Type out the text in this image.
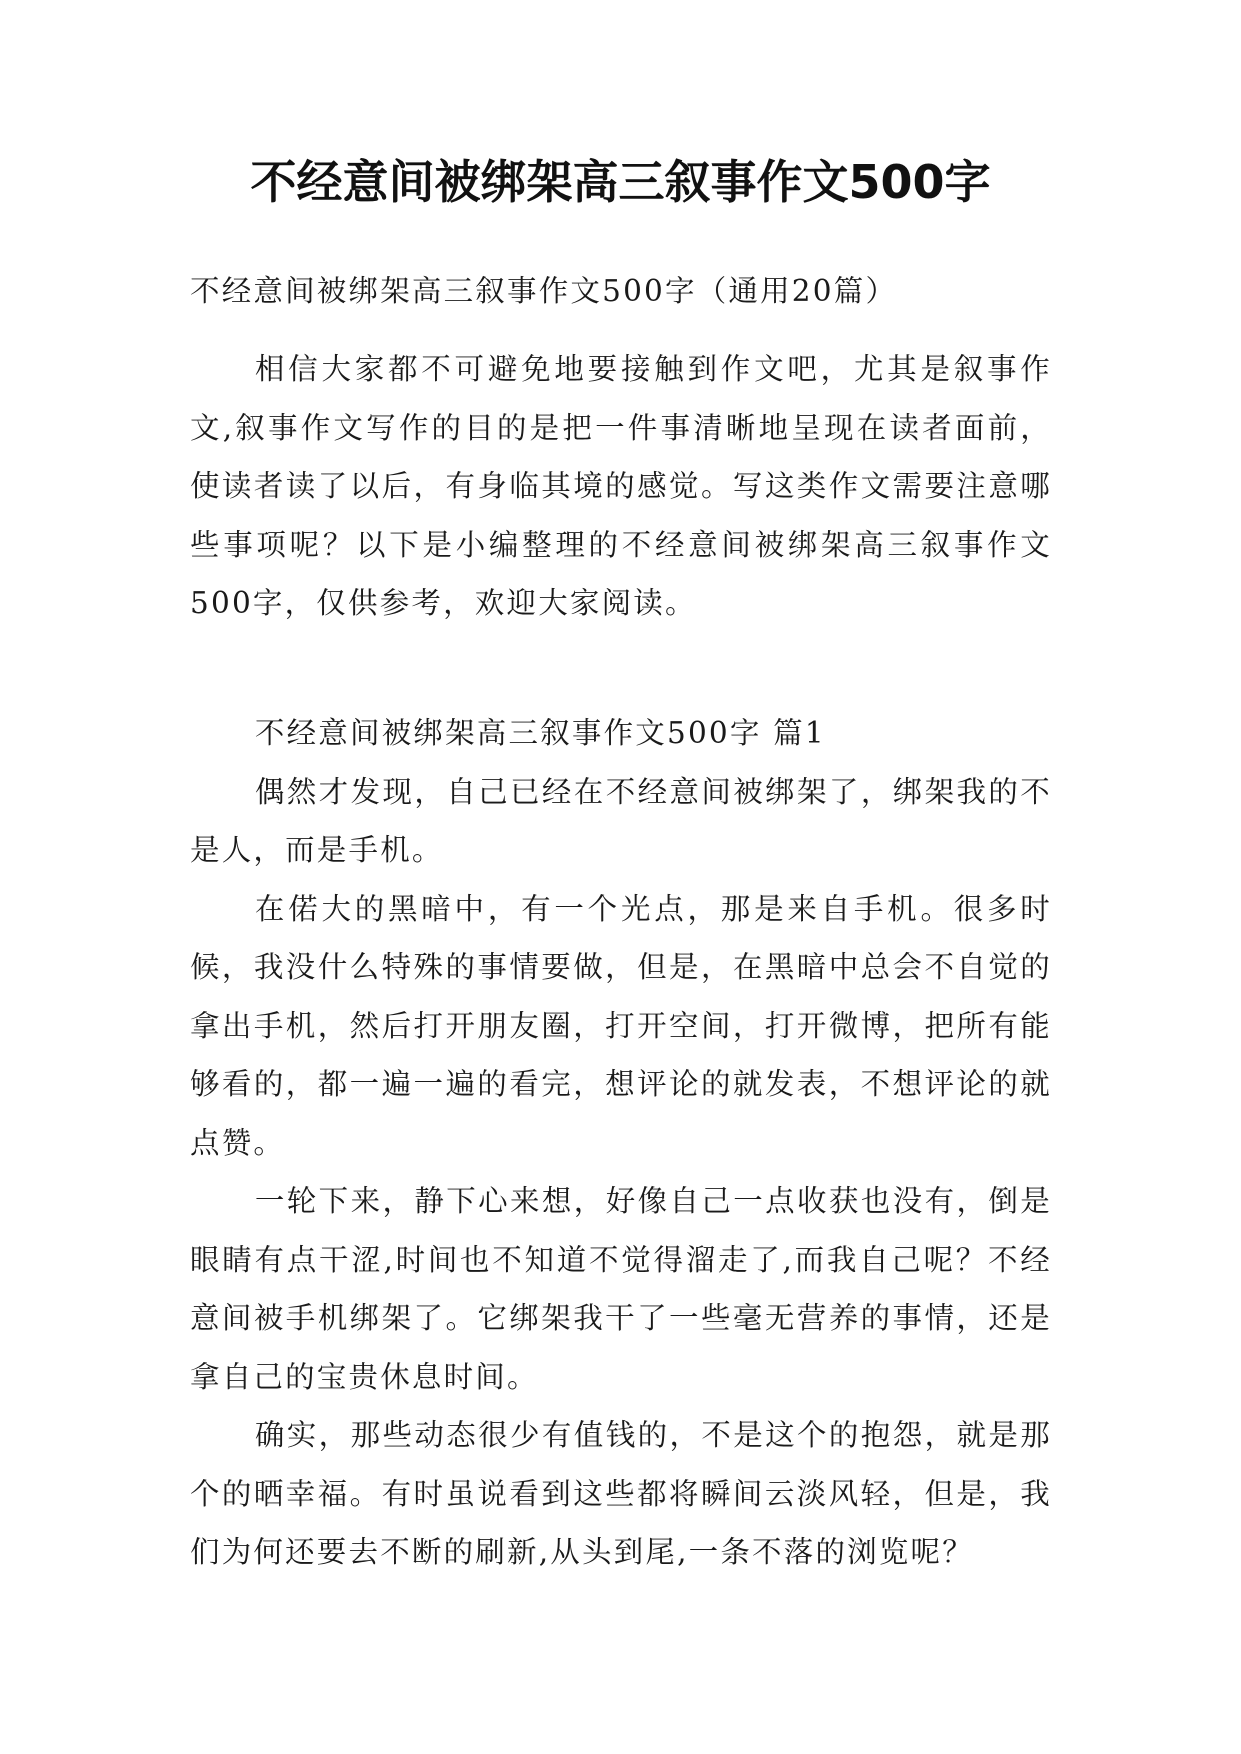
不经意间被绑架高三叙事作文500字

不经意间被绑架高三叙事作文500字（通用20篇）

相信大家都不可避免地要接触到作文吧，尤其是叙事作文,叙事作文写作的目的是把一件事清晰地呈现在读者面前，使读者读了以后，有身临其境的感觉。写这类作文需要注意哪些事项呢？以下是小编整理的不经意间被绑架高三叙事作文500字，仅供参考，欢迎大家阅读。

不经意间被绑架高三叙事作文500字 篇1

偶然才发现，自己已经在不经意间被绑架了，绑架我的不是人，而是手机。

在偌大的黑暗中，有一个光点，那是来自手机。很多时候，我没什么特殊的事情要做，但是，在黑暗中总会不自觉的拿出手机，然后打开朋友圈，打开空间，打开微博，把所有能够看的，都一遍一遍的看完，想评论的就发表，不想评论的就点赞。

一轮下来，静下心来想，好像自己一点收获也没有，倒是眼睛有点干涩,时间也不知道不觉得溜走了,而我自己呢？不经意间被手机绑架了。它绑架我干了一些毫无营养的事情，还是拿自己的宝贵休息时间。

确实，那些动态很少有值钱的，不是这个的抱怨，就是那个的晒幸福。有时虽说看到这些都将瞬间云淡风轻，但是，我们为何还要去不断的刷新,从头到尾,一条不落的浏览呢？
